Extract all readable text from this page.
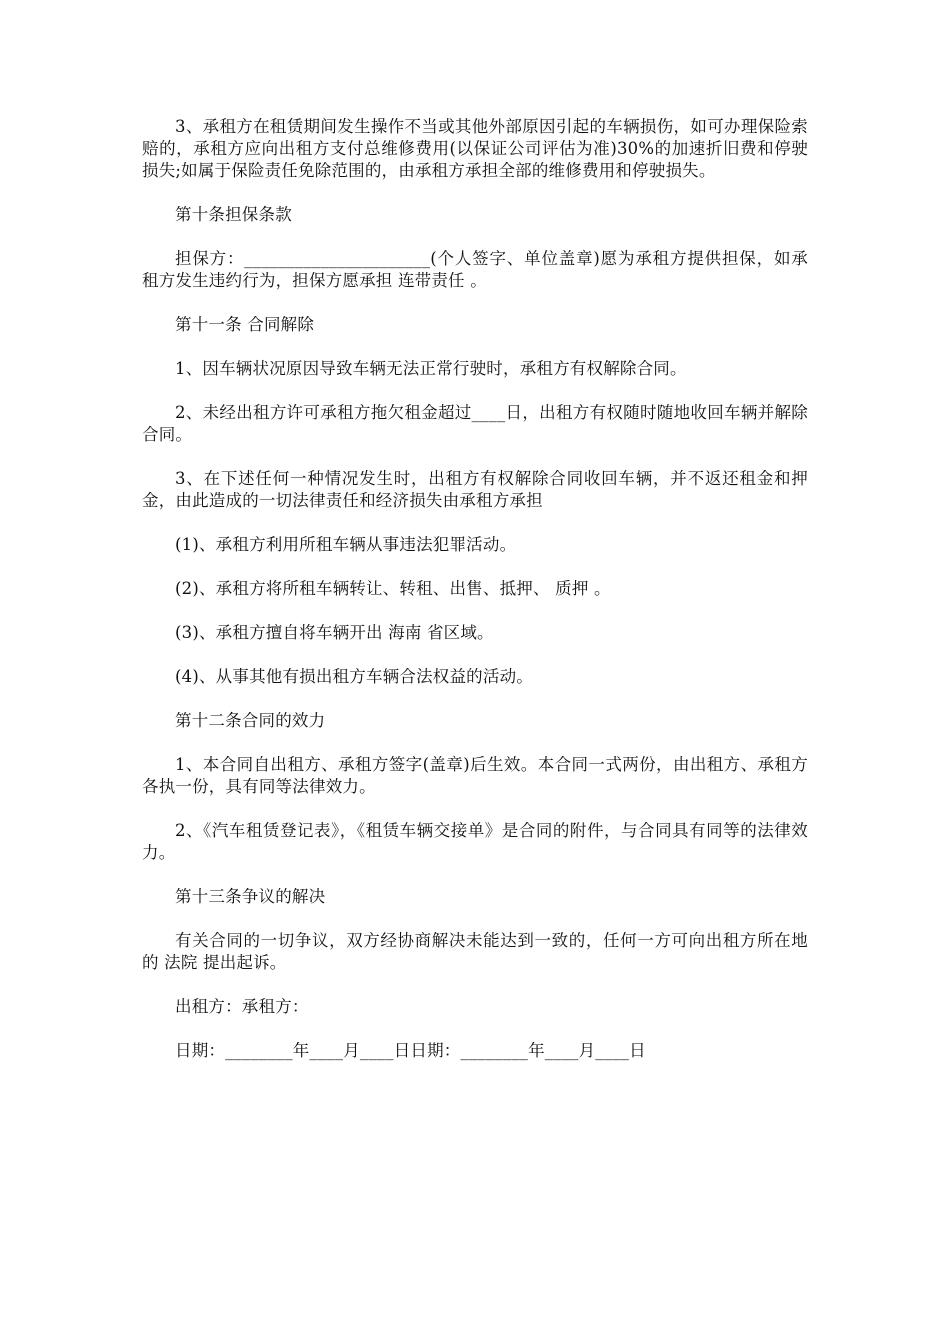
3、承租方在租赁期间发生操作不当或其他外部原因引起的车辆损伤，如可办理保险索赔的，承租方应向出租方支付总维修费用(以保证公司评估为准)30%的加速折旧费和停驶损失;如属于保险责任免除范围的，由承租方承担全部的维修费用和停驶损失。

第十条担保条款

担保方：______________________(个人签字、单位盖章)愿为承租方提供担保，如承租方发生违约行为，担保方愿承担 连带责任 。

第十一条 合同解除

1、因车辆状况原因导致车辆无法正常行驶时，承租方有权解除合同。

2、未经出租方许可承租方拖欠租金超过____日，出租方有权随时随地收回车辆并解除合同。

3、在下述任何一种情况发生时，出租方有权解除合同收回车辆，并不返还租金和押金，由此造成的一切法律责任和经济损失由承租方承担

(1)、承租方利用所租车辆从事违法犯罪活动。

(2)、承租方将所租车辆转让、转租、出售、抵押、 质押 。

(3)、承租方擅自将车辆开出 海南 省区域。

(4)、从事其他有损出租方车辆合法权益的活动。

第十二条合同的效力

1、本合同自出租方、承租方签字(盖章)后生效。本合同一式两份，由出租方、承租方各执一份，具有同等法律效力。

2、《汽车租赁登记表》，《租赁车辆交接单》是合同的附件，与合同具有同等的法律效力。

第十三条争议的解决

有关合同的一切争议，双方经协商解决未能达到一致的，任何一方可向出租方所在地的 法院 提出起诉。

出租方：承租方：

日期：________年____月____日日期：________年____月____日
